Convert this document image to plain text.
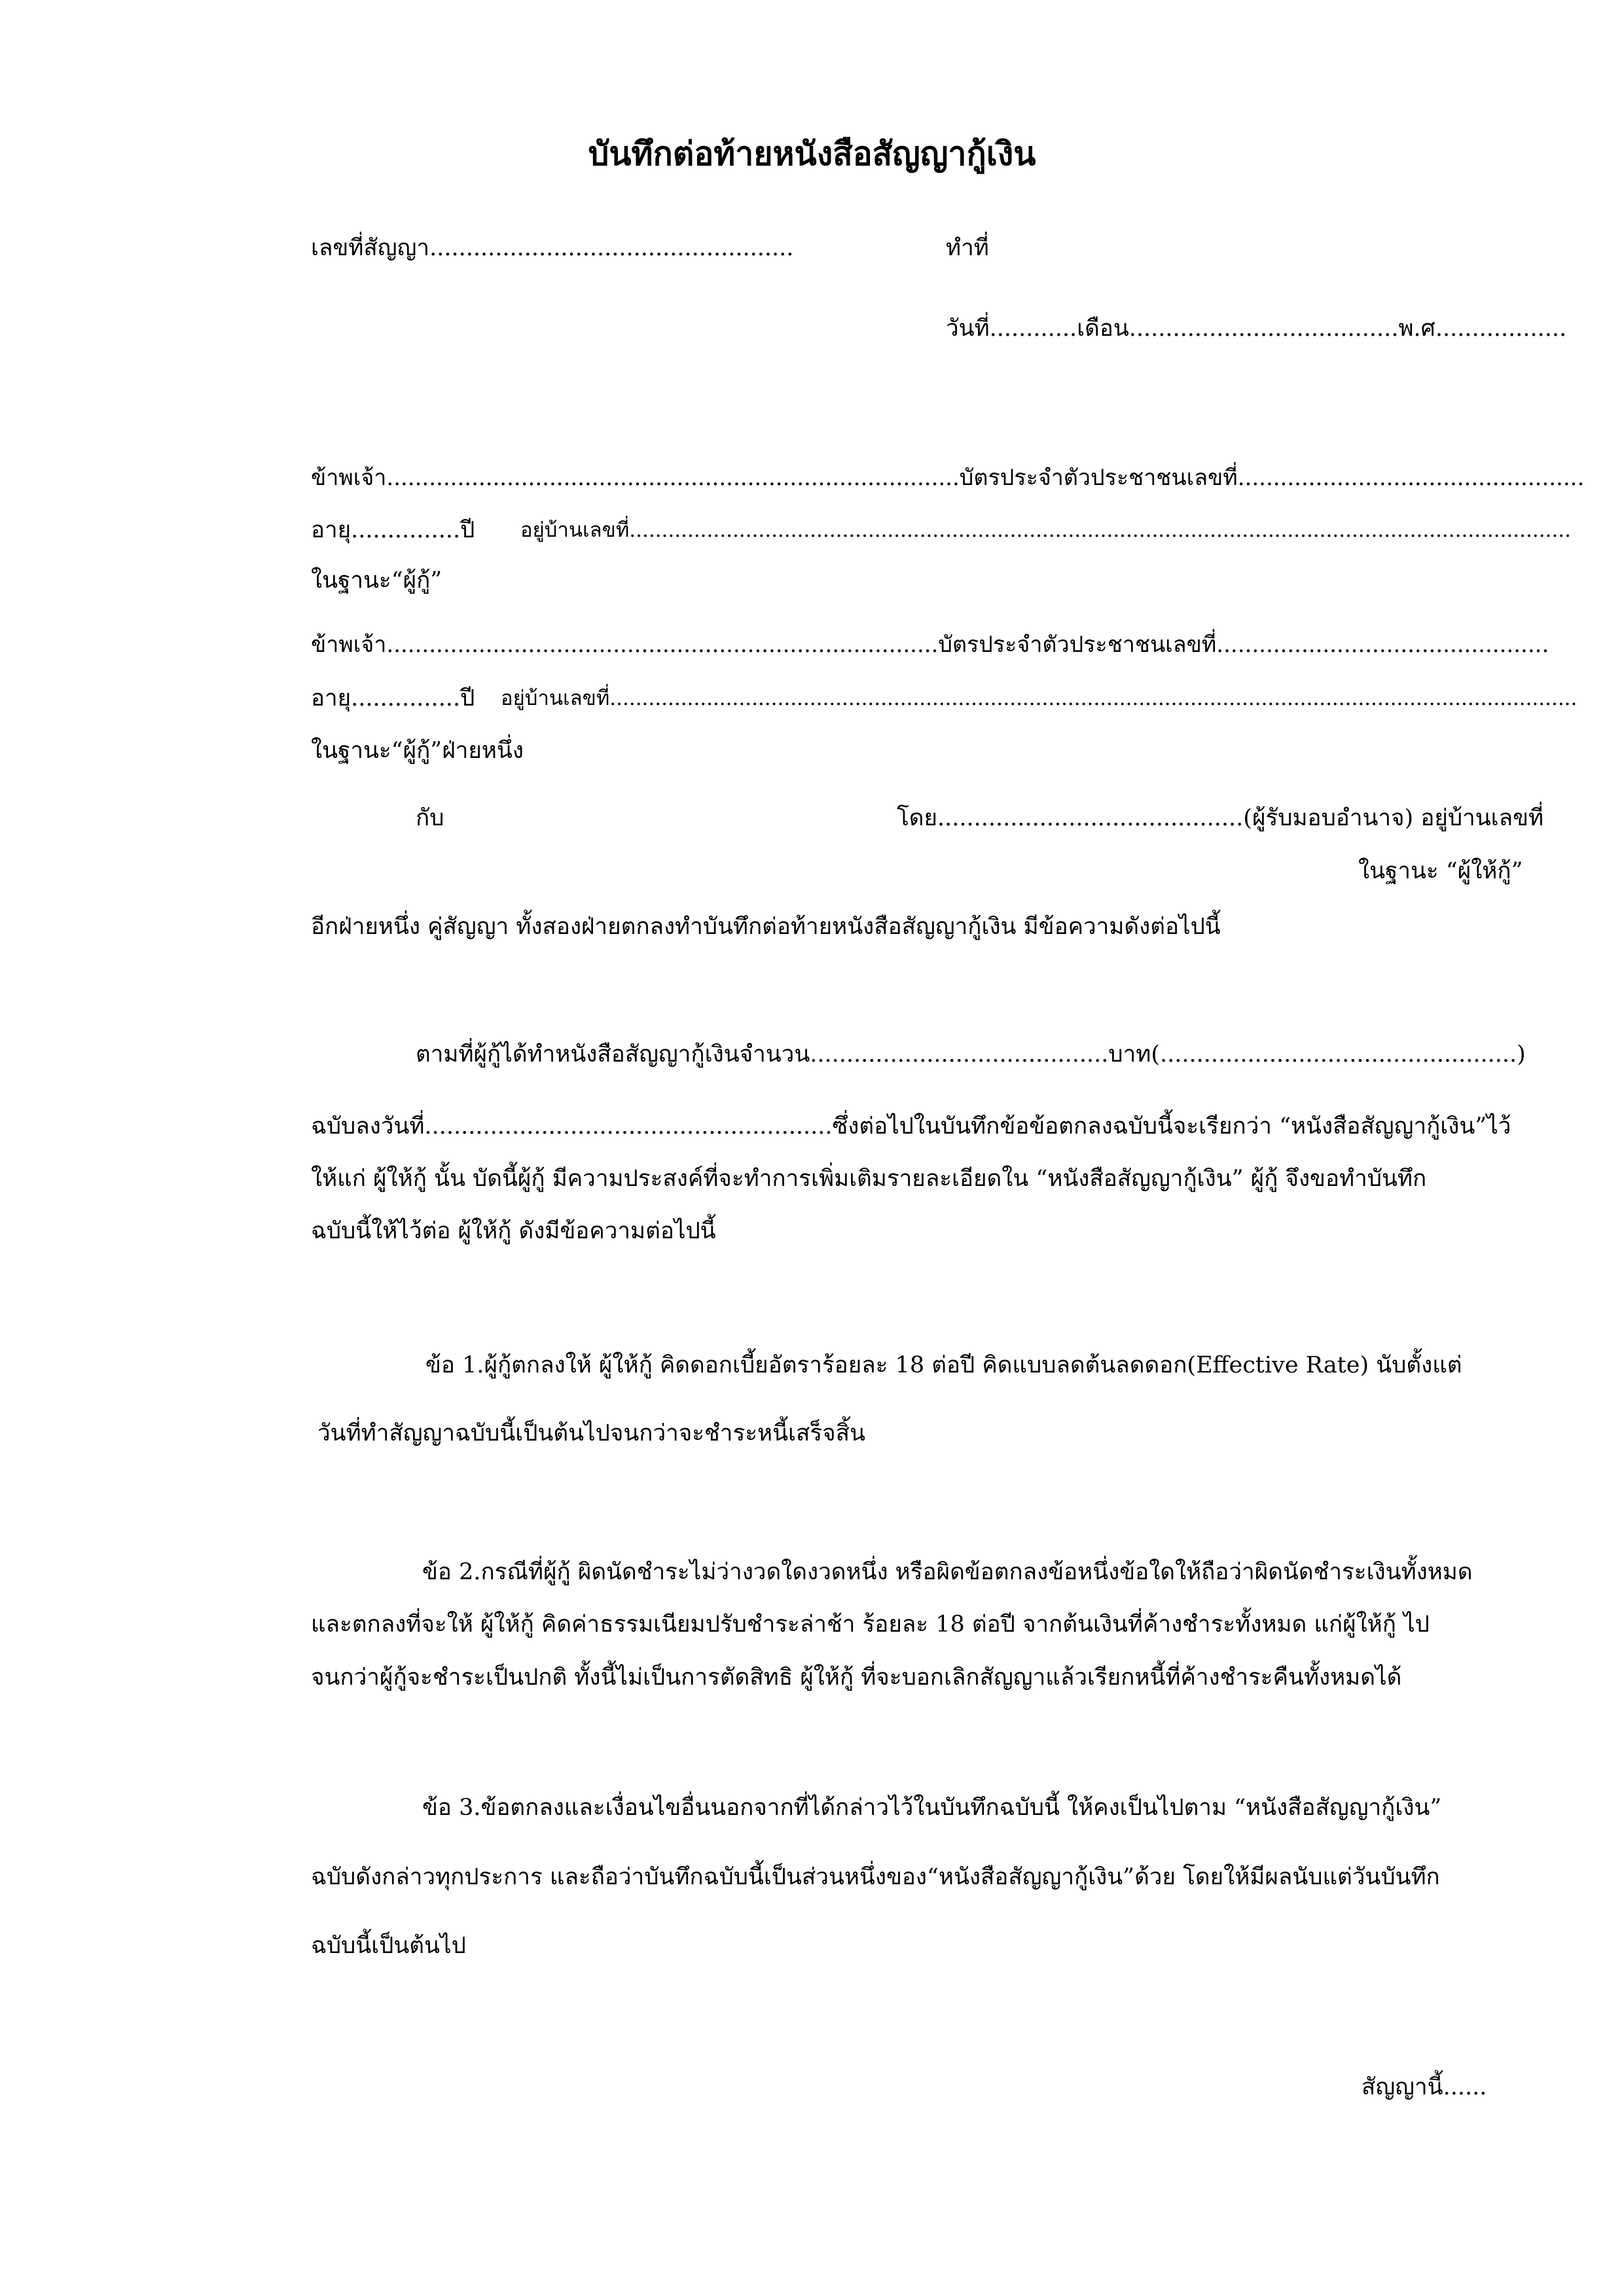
บันทึกต่อท้ายหนังสือสัญญากู้เงิน
เลขที่สัญญา..................................................	ทำที่
วันที่............เดือน.....................................พ.ศ..................
ข้าพเจ้า.................................................................................บัตรประจำตัวประชาชนเลขที่.................................................
อายุ...............ปี อยู่บ้านเลขที่..................................................................................................................................................
ในฐานะ“ผู้กู้”
ข้าพเจ้า..............................................................................บัตรประจำตัวประชาชนเลขที่...............................................
อายุ...............ปี อยู่บ้านเลขที่......................................................................................................................................................
ในฐานะ“ผู้กู้”ฝ่ายหนึ่ง
กับ	โดย..........................................(ผู้รับมอบอำนาจ) อยู่บ้านเลขที่
ในฐานะ “ผู้ให้กู้”
อีกฝ่ายหนึ่ง คู่สัญญา ทั้งสองฝ่ายตกลงทำบันทึกต่อท้ายหนังสือสัญญากู้เงิน มีข้อความดังต่อไปนี้
ตามที่ผู้กู้ได้ทำหนังสือสัญญากู้เงินจำนวน.........................................บาท(.................................................)
ฉบับลงวันที่........................................................ซึ่งต่อไปในบันทึกข้อข้อตกลงฉบับนี้จะเรียกว่า “หนังสือสัญญากู้เงิน”ไว้
ให้แก่ ผู้ให้กู้ นั้น บัดนี้ผู้กู้ มีความประสงค์ที่จะทำการเพิ่มเติมรายละเอียดใน “หนังสือสัญญากู้เงิน” ผู้กู้ จึงขอทำบันทึก
ฉบับนี้ให้ไว้ต่อ ผู้ให้กู้ ดังมีข้อความต่อไปนี้
ข้อ 1.ผู้กู้ตกลงให้ ผู้ให้กู้ คิดดอกเบี้ยอัตราร้อยละ 18 ต่อปี คิดแบบลดต้นลดดอก(Effective Rate) นับตั้งแต่
วันที่ทำสัญญาฉบับนี้เป็นต้นไปจนกว่าจะชำระหนี้เสร็จสิ้น
ข้อ 2.กรณีที่ผู้กู้ ผิดนัดชำระไม่ว่างวดใดงวดหนึ่ง หรือผิดข้อตกลงข้อหนึ่งข้อใดให้ถือว่าผิดนัดชำระเงินทั้งหมด
และตกลงที่จะให้ ผู้ให้กู้ คิดค่าธรรมเนียมปรับชำระล่าช้า ร้อยละ 18 ต่อปี จากต้นเงินที่ค้างชำระทั้งหมด แก่ผู้ให้กู้ ไป
จนกว่าผู้กู้จะชำระเป็นปกติ ทั้งนี้ไม่เป็นการตัดสิทธิ ผู้ให้กู้ ที่จะบอกเลิกสัญญาแล้วเรียกหนี้ที่ค้างชำระคืนทั้งหมดได้
ข้อ 3.ข้อตกลงและเงื่อนไขอื่นนอกจากที่ได้กล่าวไว้ในบันทึกฉบับนี้ ให้คงเป็นไปตาม “หนังสือสัญญากู้เงิน”
ฉบับดังกล่าวทุกประการ และถือว่าบันทึกฉบับนี้เป็นส่วนหนึ่งของ“หนังสือสัญญากู้เงิน”ด้วย โดยให้มีผลนับแต่วันบันทึก
ฉบับนี้เป็นต้นไป
สัญญานี้......
